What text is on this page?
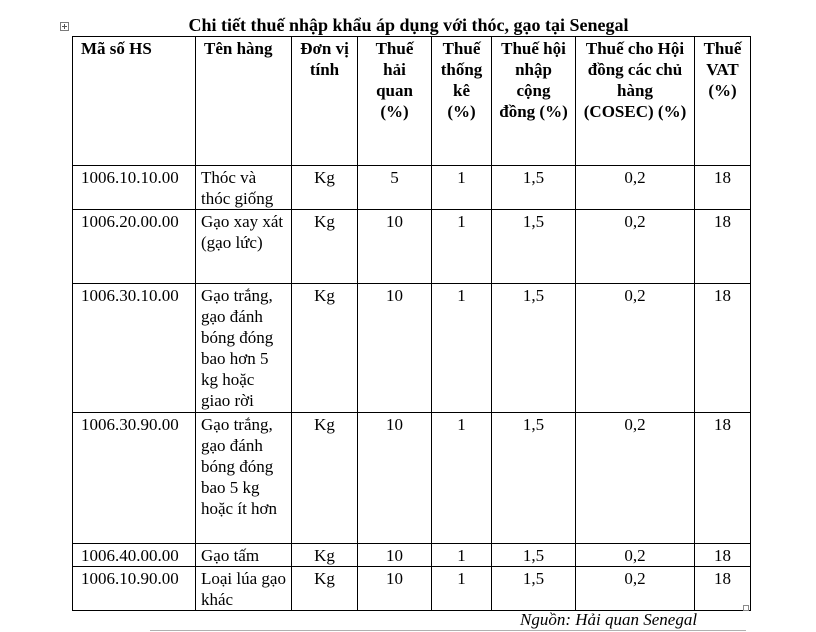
Chi tiết thuế nhập khẩu áp dụng với thóc, gạo tại Senegal
Mã số HS	Tên hàng	Đơn vị tính	Thuế hải quan (%)	Thuế thống kê (%)	Thuế hội nhập cộng đồng (%)	Thuế cho Hội đồng các chủ hàng (COSEC) (%)	Thuế VAT (%)
1006.10.10.00	Thóc và thóc giống	Kg	5	1	1,5	0,2	18
1006.20.00.00	Gạo xay xát (gạo lức)	Kg	10	1	1,5	0,2	18
1006.30.10.00	Gạo trắng, gạo đánh bóng đóng bao hơn 5 kg hoặc giao rời	Kg	10	1	1,5	0,2	18
1006.30.90.00	Gạo trắng, gạo đánh bóng đóng bao 5 kg hoặc ít hơn	Kg	10	1	1,5	0,2	18
1006.40.00.00	Gạo tấm	Kg	10	1	1,5	0,2	18
1006.10.90.00	Loại lúa gạo khác	Kg	10	1	1,5	0,2	18
Nguồn: Hải quan Senegal
